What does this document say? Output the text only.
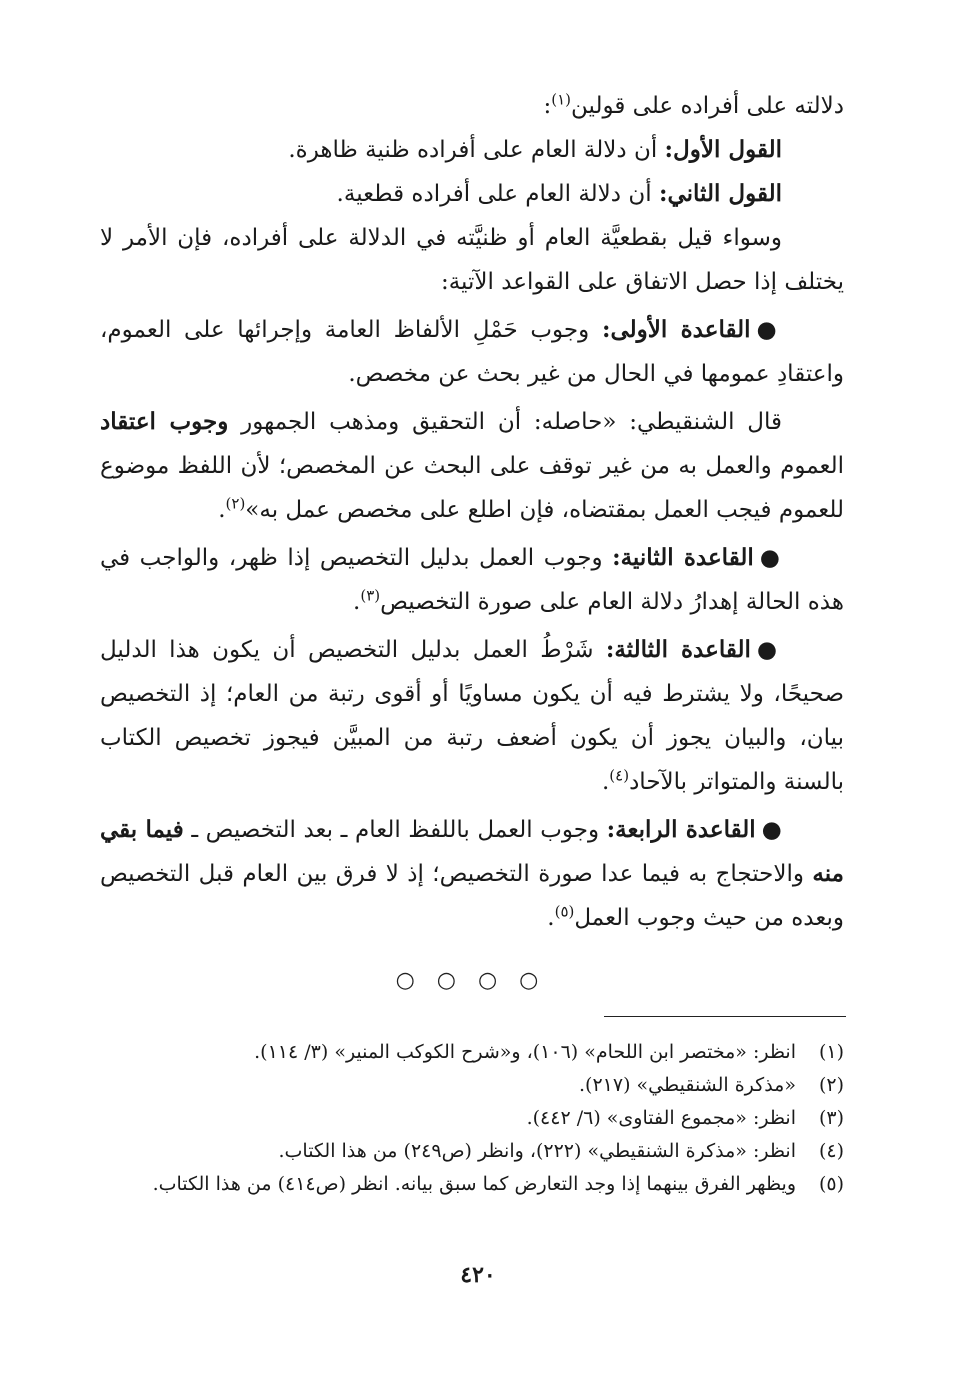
دلالته على أفراده على قولين$^{(١)}$:

القول الأول: أن دلالة العام على أفراده ظنية ظاهرة.

القول الثاني: أن دلالة العام على أفراده قطعية.

وسواء قيل بقطعيَّة العام أو ظنيَّته في الدلالة على أفراده، فإن الأمر لا يختلف إذا حصل الاتفاق على القواعد الآتية:

●القاعدة الأولى: وجوب حَمْلِ الألفاظ العامة وإجرائها على العموم، واعتقادِ عمومها في الحال من غير بحث عن مخصص.

قال الشنقيطي: «حاصله: أن التحقيق ومذهب الجمهور وجوب اعتقاد العموم والعمل به من غير توقف على البحث عن المخصص؛ لأن اللفظ موضوع للعموم فيجب العمل بمقتضاه، فإن اطلع على مخصص عمل به»$^{(٢)}$.

●القاعدة الثانية: وجوب العمل بدليل التخصيص إذا ظهر، والواجب في هذه الحالة إهدارُ دلالة العام على صورة التخصيص$^{(٣)}$.

●القاعدة الثالثة: شَرْطُ العمل بدليل التخصيص أن يكون هذا الدليل صحيحًا، ولا يشترط فيه أن يكون مساويًا أو أقوى رتبة من العام؛ إذ التخصيص بيان، والبيان يجوز أن يكون أضعف رتبة من المبيَّن فيجوز تخصيص الكتاب بالسنة والمتواتر بالآحاد$^{(٤)}$.

●القاعدة الرابعة: وجوب العمل باللفظ العام ـ بعد التخصيص ـ فيما بقي منه والاحتجاج به فيما عدا صورة التخصيص؛ إذ لا فرق بين العام قبل التخصيص وبعده من حيث وجوب العمل$^{(٥)}$.

○○○○
(١)
انظر: «مختصر ابن اللحام» (١٠٦)، و«شرح الكوكب المنير» (٣/ ١١٤).
(٢)
«مذكرة الشنقيطي» (٢١٧).
(٣)
انظر: «مجموع الفتاوى» (٦/ ٤٤٢).
(٤)
انظر: «مذكرة الشنقيطي» (٢٢٢)، وانظر (ص٢٤٩) من هذا الكتاب.
(٥)
ويظهر الفرق بينهما إذا وجد التعارض كما سبق بيانه. انظر (ص٤١٤) من هذا الكتاب.
٤٢٠
